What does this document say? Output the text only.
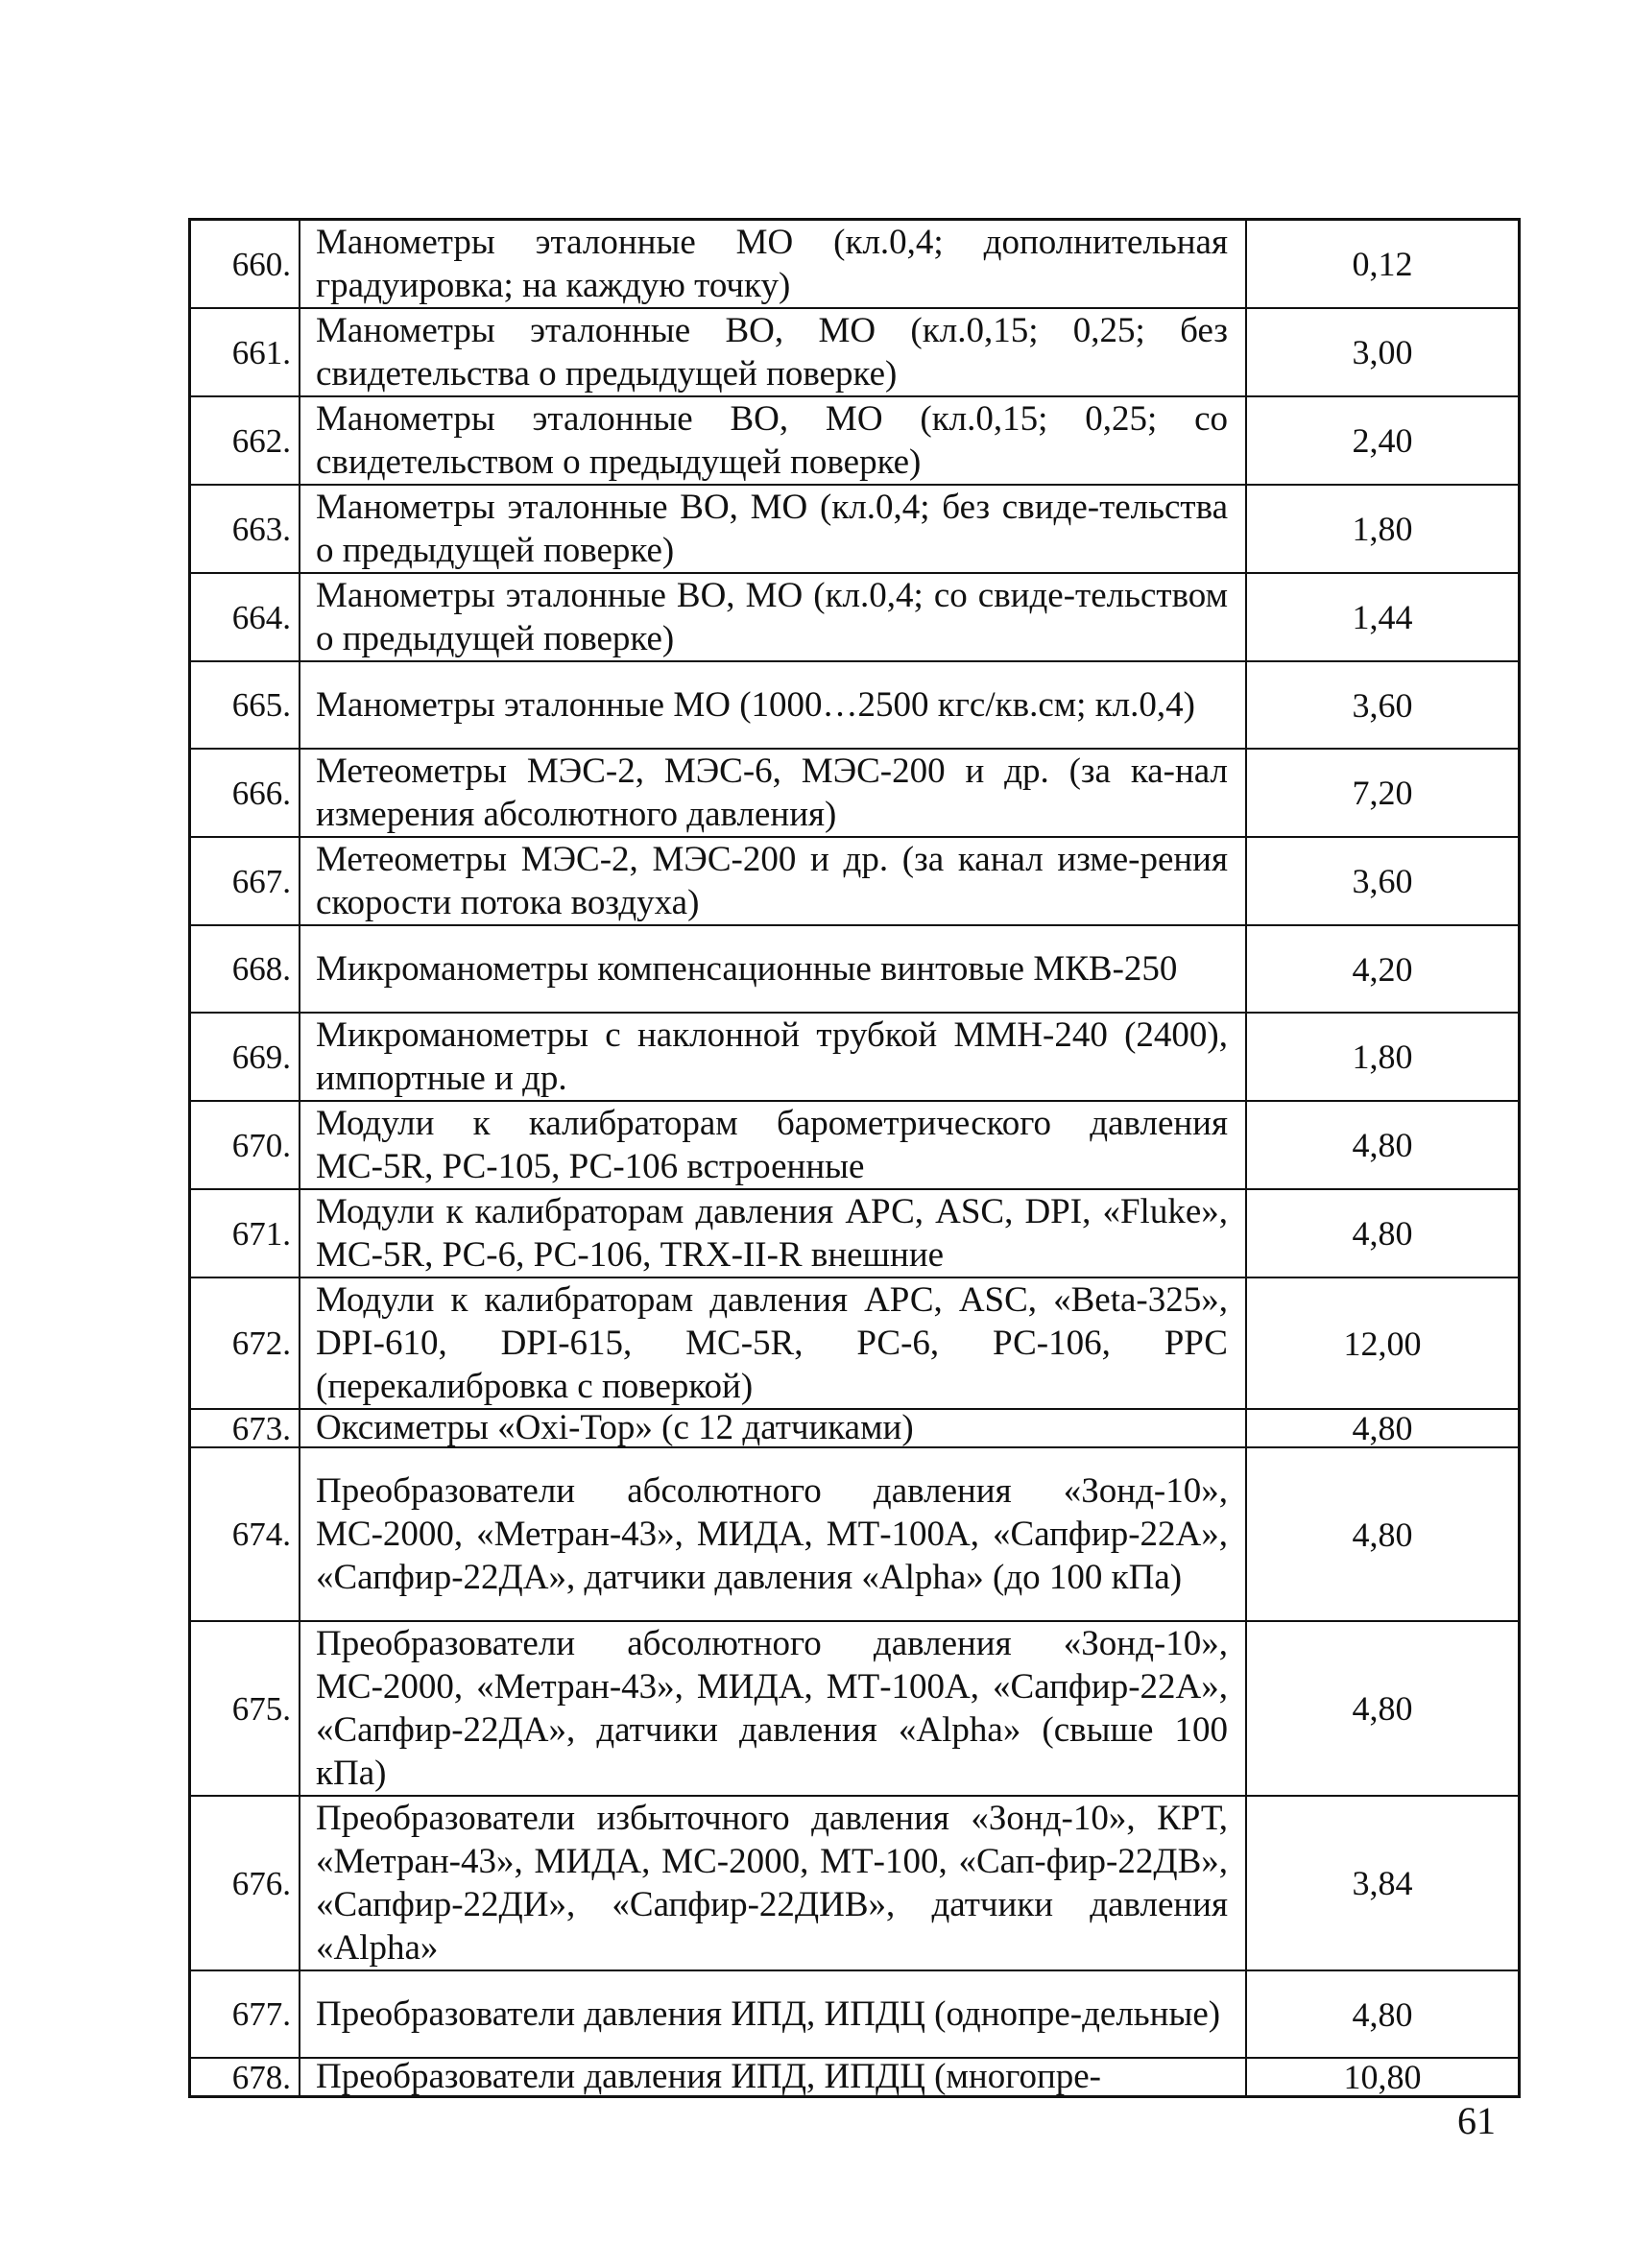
660.	Манометры эталонные МО (кл.0,4; дополнительная градуировка; на каждую точку)	0,12
661.	Манометры эталонные ВО, МО (кл.0,15; 0,25; без свидетельства о предыдущей поверке)	3,00
662.	Манометры эталонные ВО, МО (кл.0,15; 0,25; со свидетельством о предыдущей поверке)	2,40
663.	Манометры эталонные ВО, МО (кл.0,4; без свиде-тельства о предыдущей поверке)	1,80
664.	Манометры эталонные ВО, МО (кл.0,4; со свиде-тельством о предыдущей поверке)	1,44
665.	Манометры эталонные МО (1000…2500 кгс/кв.см; кл.0,4)	3,60
666.	Метеометры МЭС-2, МЭС-6, МЭС-200 и др. (за ка-нал измерения абсолютного давления)	7,20
667.	Метеометры МЭС-2, МЭС-200 и др. (за канал изме-рения скорости потока воздуха)	3,60
668.	Микроманометры компенсационные винтовые МКВ-250	4,20
669.	Микроманометры с наклонной трубкой ММН-240 (2400), импортные и др.	1,80
670.	Модули к калибраторам барометрического давления МС-5R, РС-105, РС-106 встроенные	4,80
671.	Модули к калибраторам давления АРС, ASC, DPI, «Fluke», МС-5R, РС-6, РС-106, TRX-II-R внешние	4,80
672.	Модули к калибраторам давления АРС, ASC, «Beta-325», DPI-610, DPI-615, МС-5R, РС-6, РС-106, РРС (перекалибровка с поверкой)	12,00
673.	Оксиметры «Oxi-Top» (с 12 датчиками)	4,80
674.	Преобразователи абсолютного давления «Зонд-10», МС-2000, «Метран-43», МИДА, МТ-100А, «Сапфир-22А», «Сапфир-22ДА», датчики давления «Alpha» (до 100 кПа)	4,80
675.	Преобразователи абсолютного давления «Зонд-10», МС-2000, «Метран-43», МИДА, МТ-100А, «Сапфир-22А», «Сапфир-22ДА», датчики давления «Alpha» (свыше 100 кПа)	4,80
676.	Преобразователи избыточного давления «Зонд-10», КРТ, «Метран-43», МИДА, МС-2000, МТ-100, «Сап-фир-22ДВ», «Сапфир-22ДИ», «Сапфир-22ДИВ», датчики давления «Alpha»	3,84
677.	Преобразователи давления ИПД, ИПДЦ (однопре-дельные)	4,80
678.	Преобразователи давления ИПД, ИПДЦ (многопре-	10,80
61
